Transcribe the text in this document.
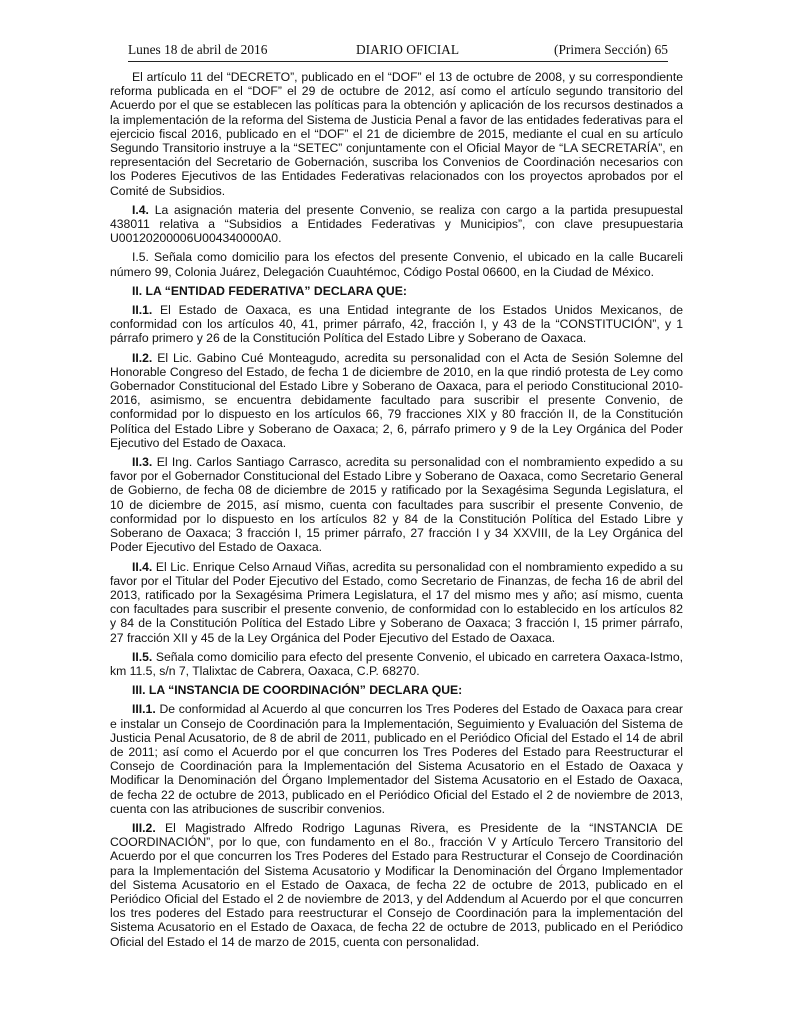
Lunes 18 de abril de 2016	DIARIO OFICIAL	(Primera Sección) 65

El artículo 11 del “DECRETO”, publicado en el “DOF” el 13 de octubre de 2008, y su correspondiente reforma publicada en el “DOF” el 29 de octubre de 2012, así como el artículo segundo transitorio del Acuerdo por el que se establecen las políticas para la obtención y aplicación de los recursos destinados a la implementación de la reforma del Sistema de Justicia Penal a favor de las entidades federativas para el ejercicio fiscal 2016, publicado en el “DOF” el 21 de diciembre de 2015, mediante el cual en su artículo Segundo Transitorio instruye a la “SETEC” conjuntamente con el Oficial Mayor de “LA SECRETARÍA”, en representación del Secretario de Gobernación, suscriba los Convenios de Coordinación necesarios con los Poderes Ejecutivos de las Entidades Federativas relacionados con los proyectos aprobados por el Comité de Subsidios.

I.4. La asignación materia del presente Convenio, se realiza con cargo a la partida presupuestal 438011 relativa a “Subsidios a Entidades Federativas y Municipios”, con clave presupuestaria U00120200006U004340000A0.

I.5. Señala como domicilio para los efectos del presente Convenio, el ubicado en la calle Bucareli número 99, Colonia Juárez, Delegación Cuauhtémoc, Código Postal 06600, en la Ciudad de México.

II. LA “ENTIDAD FEDERATIVA” DECLARA QUE:

II.1. El Estado de Oaxaca, es una Entidad integrante de los Estados Unidos Mexicanos, de conformidad con los artículos 40, 41, primer párrafo, 42, fracción I, y 43 de la “CONSTITUCIÓN”, y 1 párrafo primero y 26 de la Constitución Política del Estado Libre y Soberano de Oaxaca.

II.2. El Lic. Gabino Cué Monteagudo, acredita su personalidad con el Acta de Sesión Solemne del Honorable Congreso del Estado, de fecha 1 de diciembre de 2010, en la que rindió protesta de Ley como Gobernador Constitucional del Estado Libre y Soberano de Oaxaca, para el periodo Constitucional 2010-2016, asimismo, se encuentra debidamente facultado para suscribir el presente Convenio, de conformidad por lo dispuesto en los artículos 66, 79 fracciones XIX y 80 fracción II, de la Constitución Política del Estado Libre y Soberano de Oaxaca; 2, 6, párrafo primero y 9 de la Ley Orgánica del Poder Ejecutivo del Estado de Oaxaca.

II.3. El Ing. Carlos Santiago Carrasco, acredita su personalidad con el nombramiento expedido a su favor por el Gobernador Constitucional del Estado Libre y Soberano de Oaxaca, como Secretario General de Gobierno, de fecha 08 de diciembre de 2015 y ratificado por la Sexagésima Segunda Legislatura, el 10 de diciembre de 2015, así mismo, cuenta con facultades para suscribir el presente Convenio, de conformidad por lo dispuesto en los artículos 82 y 84 de la Constitución Política del Estado Libre y Soberano de Oaxaca; 3 fracción I, 15 primer párrafo, 27 fracción I y 34 XXVIII, de la Ley Orgánica del Poder Ejecutivo del Estado de Oaxaca.

II.4. El Lic. Enrique Celso Arnaud Viñas, acredita su personalidad con el nombramiento expedido a su favor por el Titular del Poder Ejecutivo del Estado, como Secretario de Finanzas, de fecha 16 de abril del 2013, ratificado por la Sexagésima Primera Legislatura, el 17 del mismo mes y año; así mismo, cuenta con facultades para suscribir el presente convenio, de conformidad con lo establecido en los artículos 82 y 84 de la Constitución Política del Estado Libre y Soberano de Oaxaca; 3 fracción I, 15 primer párrafo, 27 fracción XII y 45 de la Ley Orgánica del Poder Ejecutivo del Estado de Oaxaca.

II.5. Señala como domicilio para efecto del presente Convenio, el ubicado en carretera Oaxaca-Istmo, km 11.5, s/n 7, Tlalixtac de Cabrera, Oaxaca, C.P. 68270.

III. LA “INSTANCIA DE COORDINACIÓN” DECLARA QUE:

III.1. De conformidad al Acuerdo al que concurren los Tres Poderes del Estado de Oaxaca para crear e instalar un Consejo de Coordinación para la Implementación, Seguimiento y Evaluación del Sistema de Justicia Penal Acusatorio, de 8 de abril de 2011, publicado en el Periódico Oficial del Estado el 14 de abril de 2011; así como el Acuerdo por el que concurren los Tres Poderes del Estado para Reestructurar el Consejo de Coordinación para la Implementación del Sistema Acusatorio en el Estado de Oaxaca y Modificar la Denominación del Órgano Implementador del Sistema Acusatorio en el Estado de Oaxaca, de fecha 22 de octubre de 2013, publicado en el Periódico Oficial del Estado el 2 de noviembre de 2013, cuenta con las atribuciones de suscribir convenios.

III.2. El Magistrado Alfredo Rodrigo Lagunas Rivera, es Presidente de la “INSTANCIA DE COORDINACIÓN”, por lo que, con fundamento en el 8o., fracción V y Artículo Tercero Transitorio del Acuerdo por el que concurren los Tres Poderes del Estado para Restructurar el Consejo de Coordinación para la Implementación del Sistema Acusatorio y Modificar la Denominación del Órgano Implementador del Sistema Acusatorio en el Estado de Oaxaca, de fecha 22 de octubre de 2013, publicado en el Periódico Oficial del Estado el 2 de noviembre de 2013, y del Addendum al Acuerdo por el que concurren los tres poderes del Estado para reestructurar el Consejo de Coordinación para la implementación del Sistema Acusatorio en el Estado de Oaxaca, de fecha 22 de octubre de 2013, publicado en el Periódico Oficial del Estado el 14 de marzo de 2015, cuenta con personalidad.
